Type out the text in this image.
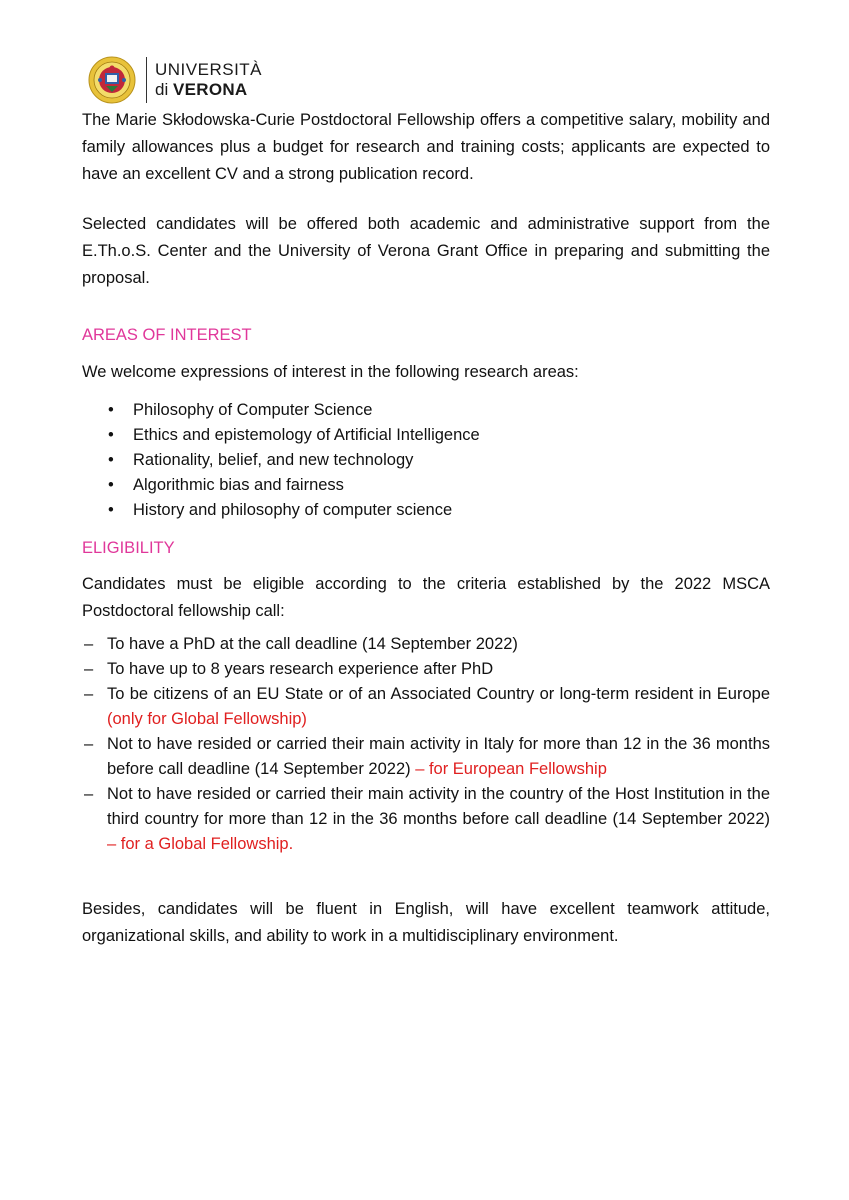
UNIVERSITÀ
di VERONA

The Marie Skłodowska-Curie Postdoctoral Fellowship offers a competitive salary, mobility and family allowances plus a budget for research and training costs; applicants are expected to have an excellent CV and a strong publication record.

Selected candidates will be offered both academic and administrative support from the E.Th.o.S. Center and the University of Verona Grant Office in preparing and submitting the proposal.

AREAS OF INTEREST

We welcome expressions of interest in the following research areas:

• Philosophy of Computer Science
• Ethics and epistemology of Artificial Intelligence
• Rationality, belief, and new technology
• Algorithmic bias and fairness
• History and philosophy of computer science
ELIGIBILITY

Candidates must be eligible according to the criteria established by the 2022 MSCA Postdoctoral fellowship call:

– To have a PhD at the call deadline (14 September 2022)
– To have up to 8 years research experience after PhD
– To be citizens of an EU State or of an Associated Country or long-term resident in Europe (only for Global Fellowship)
– Not to have resided or carried their main activity in Italy for more than 12 in the 36 months before call deadline (14 September 2022) – for European Fellowship
– Not to have resided or carried their main activity in the country of the Host Institution in the third country for more than 12 in the 36 months before call deadline (14 September 2022) – for a Global Fellowship.

Besides, candidates will be fluent in English, will have excellent teamwork attitude, organizational skills, and ability to work in a multidisciplinary environment.
